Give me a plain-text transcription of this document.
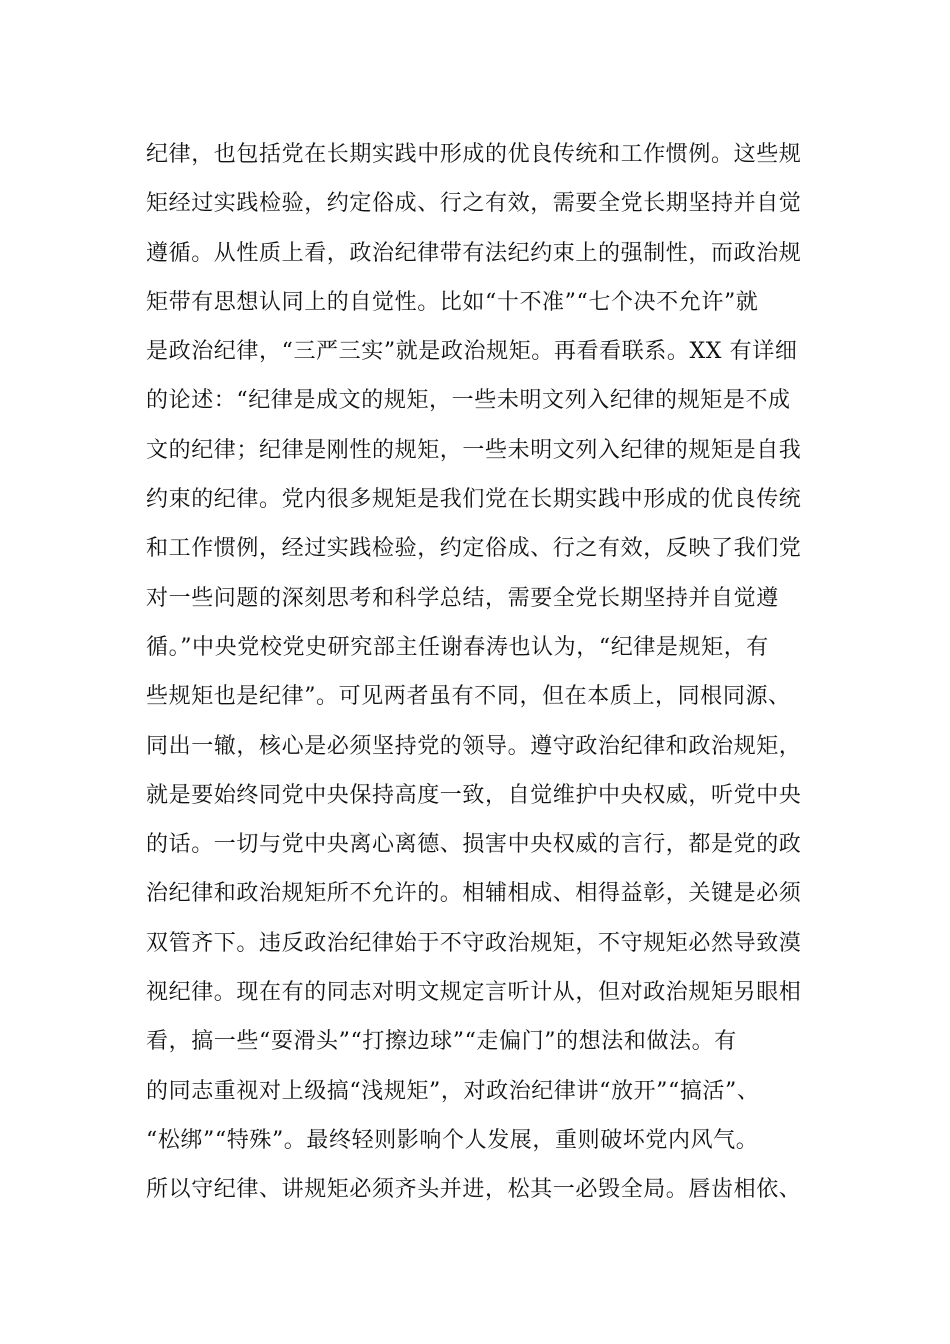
纪律，也包括党在长期实践中形成的优良传统和工作惯例。这些规
矩经过实践检验，约定俗成、行之有效，需要全党长期坚持并自觉
遵循。从性质上看，政治纪律带有法纪约束上的强制性，而政治规
矩带有思想认同上的自觉性。比如“十不准”“七个决不允许”就
是政治纪律，“三严三实”就是政治规矩。再看看联系。XX 有详细
的论述：“纪律是成文的规矩，一些未明文列入纪律的规矩是不成
文的纪律；纪律是刚性的规矩，一些未明文列入纪律的规矩是自我
约束的纪律。党内很多规矩是我们党在长期实践中形成的优良传统
和工作惯例，经过实践检验，约定俗成、行之有效，反映了我们党
对一些问题的深刻思考和科学总结，需要全党长期坚持并自觉遵
循。”中央党校党史研究部主任谢春涛也认为，“纪律是规矩，有
些规矩也是纪律”。可见两者虽有不同，但在本质上，同根同源、
同出一辙，核心是必须坚持党的领导。遵守政治纪律和政治规矩，
就是要始终同党中央保持高度一致，自觉维护中央权威，听党中央
的话。一切与党中央离心离德、损害中央权威的言行，都是党的政
治纪律和政治规矩所不允许的。相辅相成、相得益彰，关键是必须
双管齐下。违反政治纪律始于不守政治规矩，不守规矩必然导致漠
视纪律。现在有的同志对明文规定言听计从，但对政治规矩另眼相
看，搞一些“耍滑头”“打擦边球”“走偏门”的想法和做法。有
的同志重视对上级搞“浅规矩”，对政治纪律讲“放开”“搞活”、
“松绑”“特殊”。最终轻则影响个人发展，重则破坏党内风气。
所以守纪律、讲规矩必须齐头并进，松其一必毁全局。唇齿相依、
